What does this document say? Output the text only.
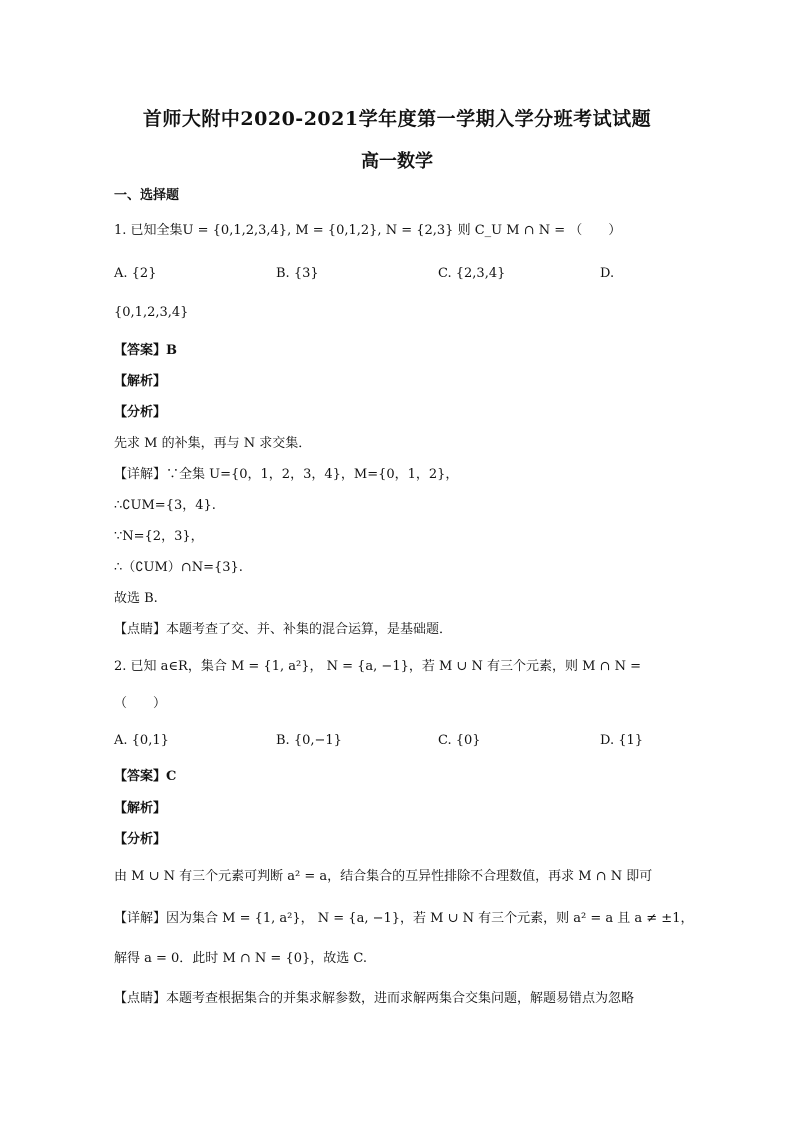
首师大附中2020-2021学年度第一学期入学分班考试试题
高一数学
一、选择题
1. 已知全集U = {0,1,2,3,4}, M = {0,1,2}, N = {2,3} 则 C_U M ∩ N = （　　）
A. {2}	B. {3}	C. {2,3,4}	D.
{0,1,2,3,4}
【答案】B
【解析】
【分析】
先求 M 的补集，再与 N 求交集．
【详解】∵全集 U={0，1，2，3，4}，M={0，1，2}，
∴∁UM={3，4}.
∵N={2，3}，
∴（∁UM）∩N={3}.
故选 B.
【点睛】本题考查了交、并、补集的混合运算，是基础题．
2. 已知 a∈R，集合 M = {1, a²}， N = {a, −1}，若 M ∪ N 有三个元素，则 M ∩ N =
（　　）
A. {0,1}	B. {0,−1}	C. {0}	D. {1}
【答案】C
【解析】
【分析】
由 M ∪ N 有三个元素可判断 a² = a，结合集合的互异性排除不合理数值，再求 M ∩ N 即可
【详解】因为集合 M = {1, a²}， N = {a, −1}，若 M ∪ N 有三个元素，则 a² = a 且 a ≠ ±1，
解得 a = 0．此时 M ∩ N = {0}，故选 C.
【点睛】本题考查根据集合的并集求解参数，进而求解两集合交集问题，解题易错点为忽略
